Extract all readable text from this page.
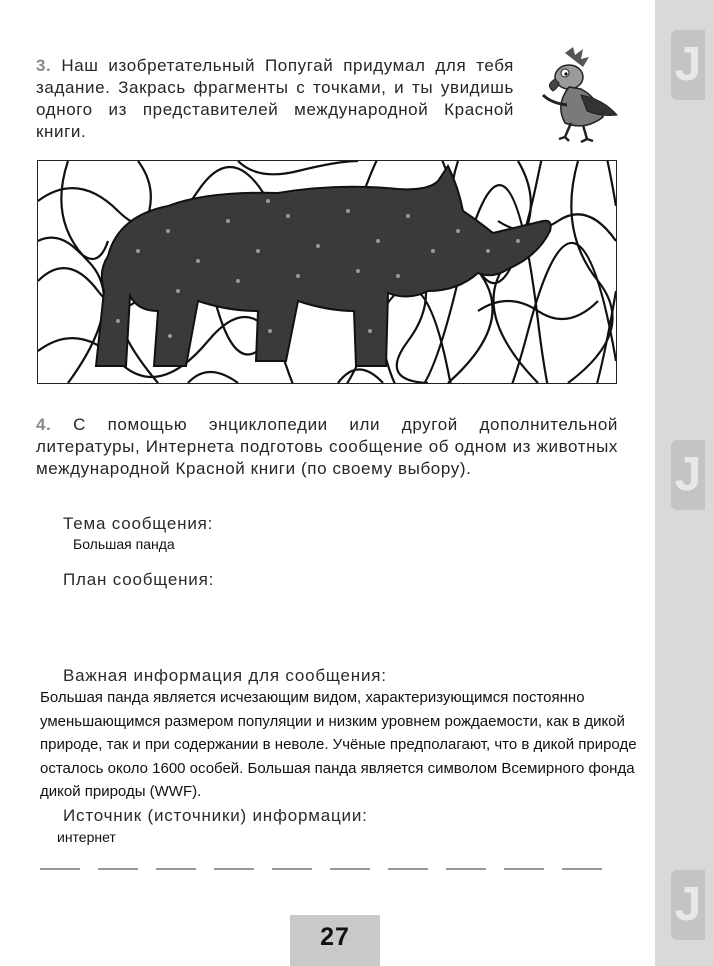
J
J
J
3. Наш изобретательный Попугай придумал для тебя задание. Закрась фрагменты с точками, и ты увидишь одного из представителей международной Красной книги.
4. С помощью энциклопедии или другой дополнительной литературы, Интернета подготовь сообщение об одном из животных международной Красной книги (по своему выбору).
Тема сообщения:
Большая панда
План сообщения:
Важная информация для сообщения:
Большая панда является исчезающим видом, характеризующимся постоянно уменьшающимся размером популяции и низким уровнем рождаемости, как в дикой природе, так и при содержании в неволе. Учёные предполагают, что в дикой природе осталось около 1600 особей. Большая панда является символом Всемирного фонда дикой природы (WWF).
Источник (источники) информации:
интернет
27
